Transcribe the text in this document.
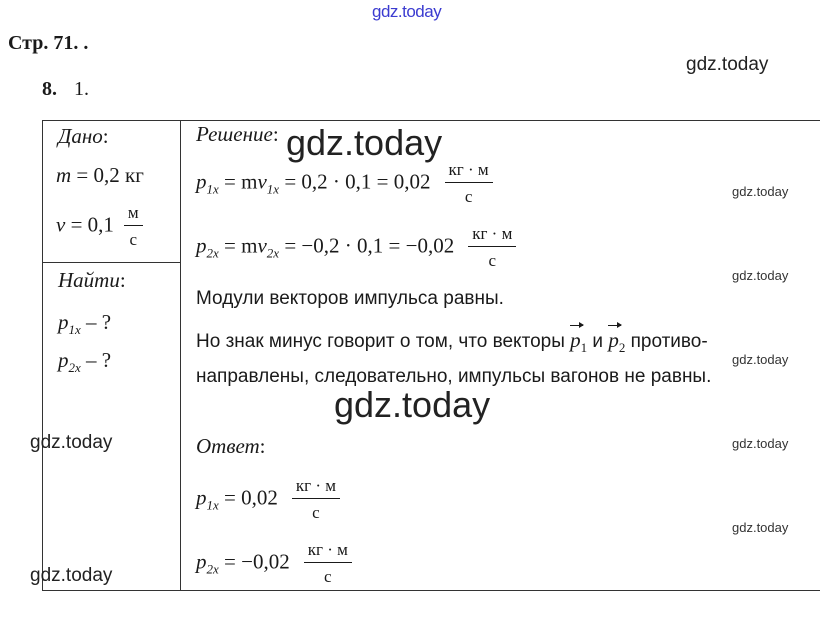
gdz.today
Стр. 71. .
gdz.today
8. 1.
Дано:
m = 0,2 кг
$v = 0,1 \frac{м}{с}$
Найти:
$p_{1x}$ – ?
$p_{2x}$ – ?
Решение: gdz.today
$p_{1x} = mv_{1x} = 0,2 \cdot 0,1 = 0,02 \frac{кг \cdot м}{с}$	gdz.today
$p_{2x} = mv_{2x} = -0,2 \cdot 0,1 = -0,02 \frac{кг \cdot м}{с}$
gdz.today
Модули векторов импульса равны.
Но знак минус говорит о том, что векторы $p_1$ и $p_2$ противо-
gdz.today
направлены, следовательно, импульсы вагонов не равны.
gdz.today
gdz.today	Ответ:	gdz.today
$p_{1x} = 0,02 \frac{кг \cdot м}{с}$
gdz.today
$p_{2x} = -0,02 \frac{кг \cdot м}{с}$
gdz.today
